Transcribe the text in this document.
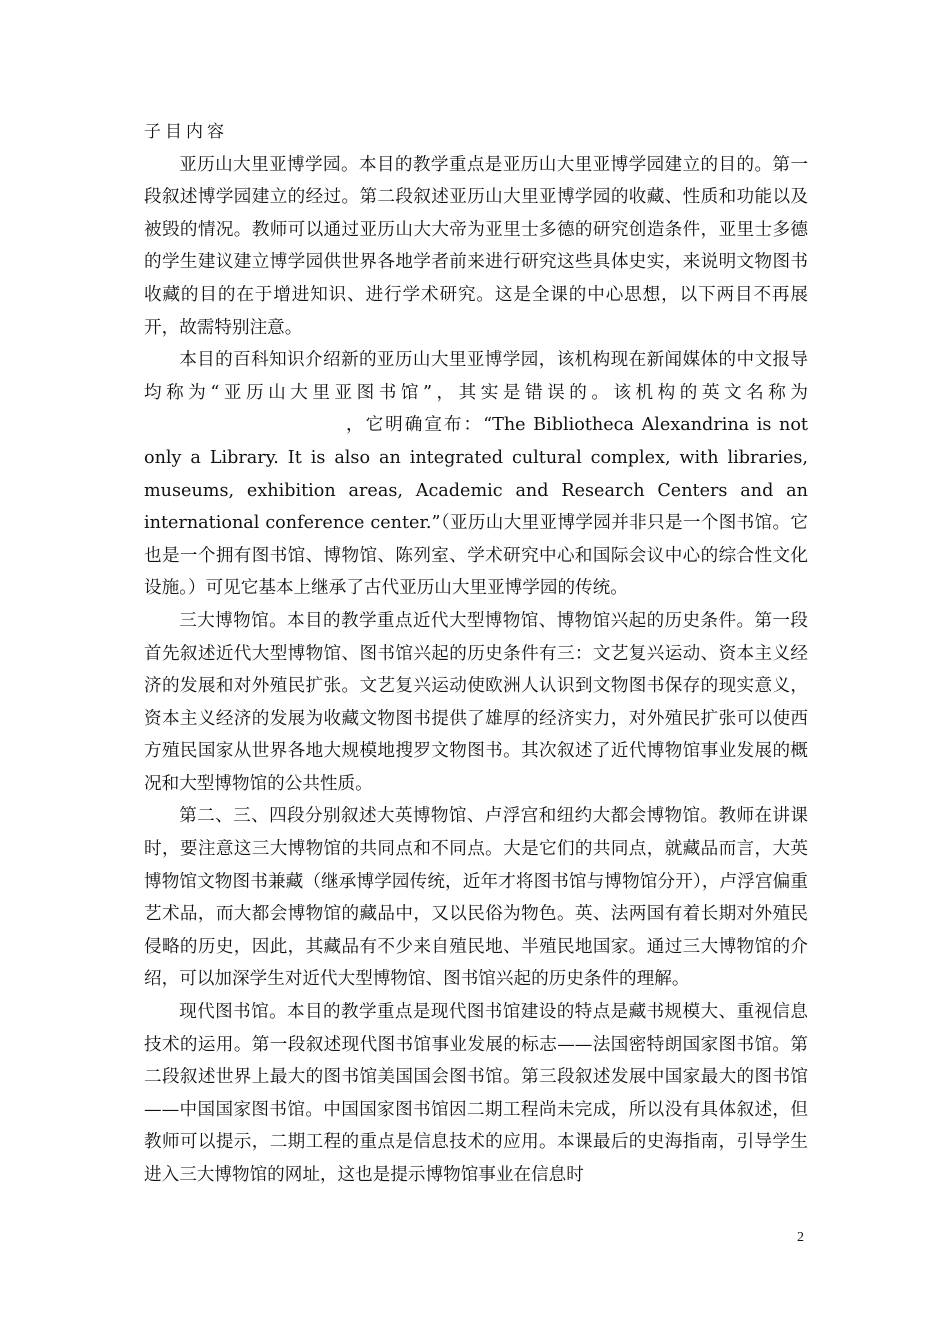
子目内容

亚历山大里亚博学园。本目的教学重点是亚历山大里亚博学园建立的目的。第一段叙述博学园建立的经过。第二段叙述亚历山大里亚博学园的收藏、性质和功能以及被毁的情况。教师可以通过亚历山大大帝为亚里士多德的研究创造条件，亚里士多德的学生建议建立博学园供世界各地学者前来进行研究这些具体史实，来说明文物图书收藏的目的在于增进知识、进行学术研究。这是全课的中心思想，以下两目不再展开，故需特别注意。

本目的百科知识介绍新的亚历山大里亚博学园，该机构现在新闻媒体的中文报导均称为“亚历山大里亚图书馆”，其实是错误的。该机构的英文名称为，它明确宣布：“The Bibliotheca Alexandrina is not only a Library. It is also an integrated cultural complex, with libraries, museums, exhibition areas, Academic and Research Centers and an international conference center.”（亚历山大里亚博学园并非只是一个图书馆。它也是一个拥有图书馆、博物馆、陈列室、学术研究中心和国际会议中心的综合性文化设施。）可见它基本上继承了古代亚历山大里亚博学园的传统。

三大博物馆。本目的教学重点近代大型博物馆、博物馆兴起的历史条件。第一段首先叙述近代大型博物馆、图书馆兴起的历史条件有三：文艺复兴运动、资本主义经济的发展和对外殖民扩张。文艺复兴运动使欧洲人认识到文物图书保存的现实意义，资本主义经济的发展为收藏文物图书提供了雄厚的经济实力，对外殖民扩张可以使西方殖民国家从世界各地大规模地搜罗文物图书。其次叙述了近代博物馆事业发展的概况和大型博物馆的公共性质。

第二、三、四段分别叙述大英博物馆、卢浮宫和纽约大都会博物馆。教师在讲课时，要注意这三大博物馆的共同点和不同点。大是它们的共同点，就藏品而言，大英博物馆文物图书兼藏（继承博学园传统，近年才将图书馆与博物馆分开），卢浮宫偏重艺术品，而大都会博物馆的藏品中，又以民俗为物色。英、法两国有着长期对外殖民侵略的历史，因此，其藏品有不少来自殖民地、半殖民地国家。通过三大博物馆的介绍，可以加深学生对近代大型博物馆、图书馆兴起的历史条件的理解。

现代图书馆。本目的教学重点是现代图书馆建设的特点是藏书规模大、重视信息技术的运用。第一段叙述现代图书馆事业发展的标志——法国密特朗国家图书馆。第二段叙述世界上最大的图书馆美国国会图书馆。第三段叙述发展中国家最大的图书馆——中国国家图书馆。中国国家图书馆因二期工程尚未完成，所以没有具体叙述，但教师可以提示，二期工程的重点是信息技术的应用。本课最后的史海指南，引导学生进入三大博物馆的网址，这也是提示博物馆事业在信息时

2
